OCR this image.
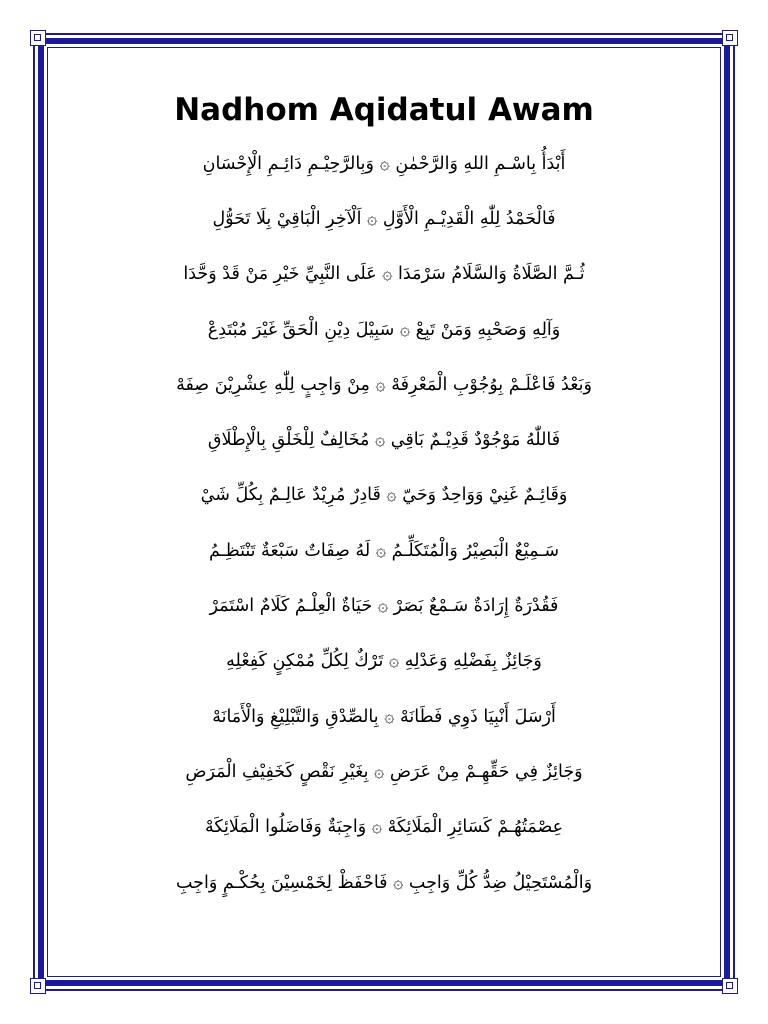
Nadhom Aqidatul Awam
أَبْدَأُ بِاسْـمِ اللهِ وَالرَّحْمٰنِ ۞ وَبِالرَّحِيْـمِ دَائِـمِ الْإِحْسَانِ
فَالْحَمْدُ لِلّٰهِ الْقَدِيْـمِ الْأَوَّلِ ۞ اَلْآخِرِ الْبَاقِيْ بِلَا تَحَوُّلِ
ثُـمَّ الصَّلَاةُ وَالسَّلَامُ سَرْمَدَا ۞ عَلَى النَّبِيِّ خَيْرِ مَنْ قَدْ وَحَّدَا
وَآلِهِ وَصَحْبِهِ وَمَنْ تَبِعْ ۞ سَبِيْلَ دِيْنِ الْحَقِّ غَيْرَ مُبْتَدِعْ
وَبَعْدُ فَاعْلَـمْ بِوُجُوْبِ الْمَعْرِفَهْ ۞ مِنْ وَاجِبٍ لِلّٰهِ عِشْرِيْنَ صِفَهْ
فَاللّٰهُ مَوْجُوْدٌ قَدِيْـمٌ بَاقِي ۞ مُخَالِفٌ لِلْخَلْقِ بِالْإِطْلَاقِ
وَقَائِـمٌ غَنِيْ وَوَاحِدٌ وَحَيّ ۞ قَادِرٌ مُرِيْدٌ عَالِـمٌ بِكُلِّ شَيْ
سَـمِيْعٌ الْبَصِيْرُ وَالْمُتَكَلِّـمُ ۞ لَهُ صِفَاتٌ سَبْعَةٌ تَنْتَظِـمُ
فَقُدْرَةٌ إِرَادَةٌ سَـمْعٌ بَصَرْ ۞ حَيَاةٌ الْعِلْـمُ كَلَامٌ اسْتَمَرْ
وَجَائِزٌ بِفَضْلِهِ وَعَدْلِهِ ۞ تَرْكٌ لِكُلِّ مُمْكِنٍ كَفِعْلِهِ
أَرْسَلَ أَنْبِيَا ذَوِي فَطَانَهْ ۞ بِالصِّدْقِ وَالتَّبْلِيْغِ وَالْأَمَانَهْ
وَجَائِزٌ فِي حَقِّهِـمْ مِنْ عَرَضِ ۞ بِغَيْرِ نَقْصٍ كَخَفِيْفِ الْمَرَضِ
عِصْمَتُهُـمْ كَسَائِرِ الْمَلَائِكَهْ ۞ وَاجِبَةٌ وَفَاضَلُوا الْمَلَائِكَهْ
وَالْمُسْتَحِيْلُ ضِدُّ كُلِّ وَاجِبِ ۞ فَاحْفَظْ لِخَمْسِيْنَ بِحُكْـمٍ وَاجِبِ
